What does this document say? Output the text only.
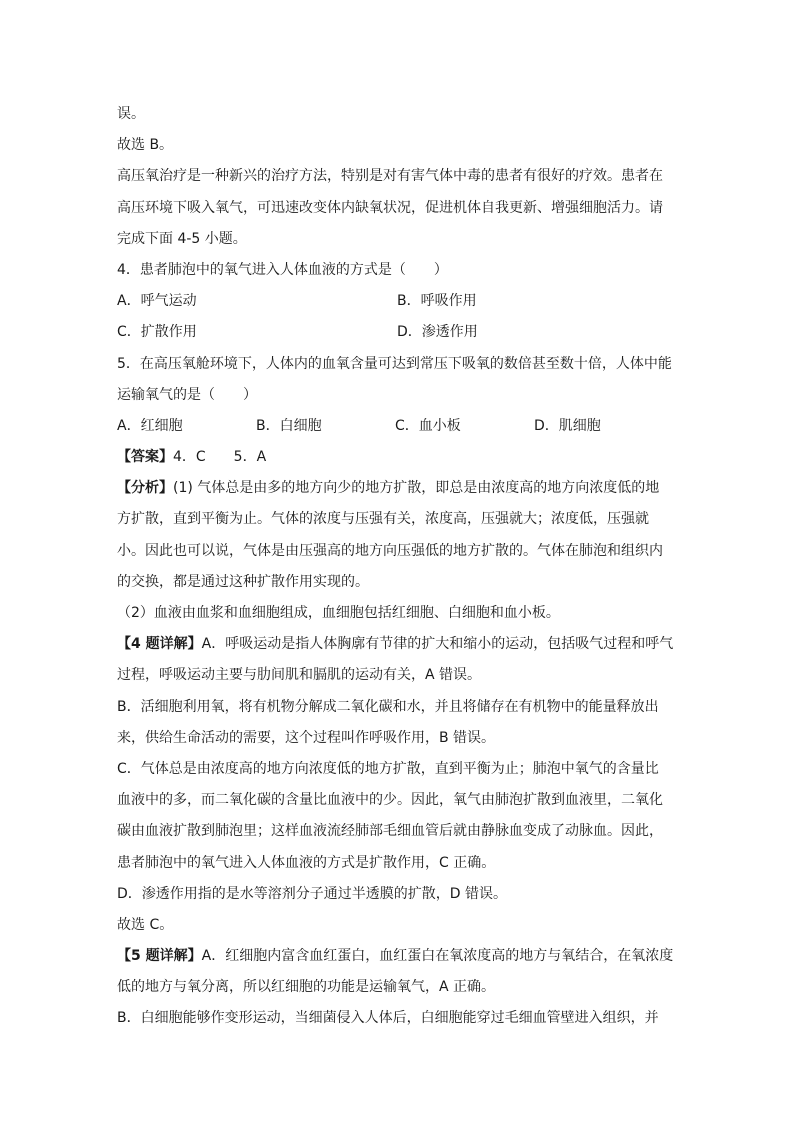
误。
故选 B。
高压氧治疗是一种新兴的治疗方法，特别是对有害气体中毒的患者有很好的疗效。患者在
高压环境下吸入氧气，可迅速改变体内缺氧状况，促进机体自我更新、增强细胞活力。请
完成下面 4-5 小题。
4．患者肺泡中的氧气进入人体血液的方式是（　　）
A．呼气运动	B．呼吸作用
C．扩散作用	D．渗透作用
5．在高压氧舱环境下，人体内的血氧含量可达到常压下吸氧的数倍甚至数十倍，人体中能
运输氧气的是（　　）
A．红细胞	B．白细胞	C．血小板	D．肌细胞
【答案】4．C　　5．A
【分析】(1) 气体总是由多的地方向少的地方扩散，即总是由浓度高的地方向浓度低的地
方扩散，直到平衡为止。气体的浓度与压强有关，浓度高，压强就大；浓度低，压强就
小。因此也可以说，气体是由压强高的地方向压强低的地方扩散的。气体在肺泡和组织内
的交换，都是通过这种扩散作用实现的。
（2）血液由血浆和血细胞组成，血细胞包括红细胞、白细胞和血小板。
【4 题详解】A．呼吸运动是指人体胸廓有节律的扩大和缩小的运动，包括吸气过程和呼气
过程，呼吸运动主要与肋间肌和膈肌的运动有关，A 错误。
B．活细胞利用氧，将有机物分解成二氧化碳和水，并且将储存在有机物中的能量释放出
来，供给生命活动的需要，这个过程叫作呼吸作用，B 错误。
C．气体总是由浓度高的地方向浓度低的地方扩散，直到平衡为止；肺泡中氧气的含量比
血液中的多，而二氧化碳的含量比血液中的少。因此，氧气由肺泡扩散到血液里，二氧化
碳由血液扩散到肺泡里；这样血液流经肺部毛细血管后就由静脉血变成了动脉血。因此，
患者肺泡中的氧气进入人体血液的方式是扩散作用，C 正确。
D．渗透作用指的是水等溶剂分子通过半透膜的扩散，D 错误。
故选 C。
【5 题详解】A．红细胞内富含血红蛋白，血红蛋白在氧浓度高的地方与氧结合，在氧浓度
低的地方与氧分离，所以红细胞的功能是运输氧气，A 正确。
B．白细胞能够作变形运动，当细菌侵入人体后，白细胞能穿过毛细血管壁进入组织，并
